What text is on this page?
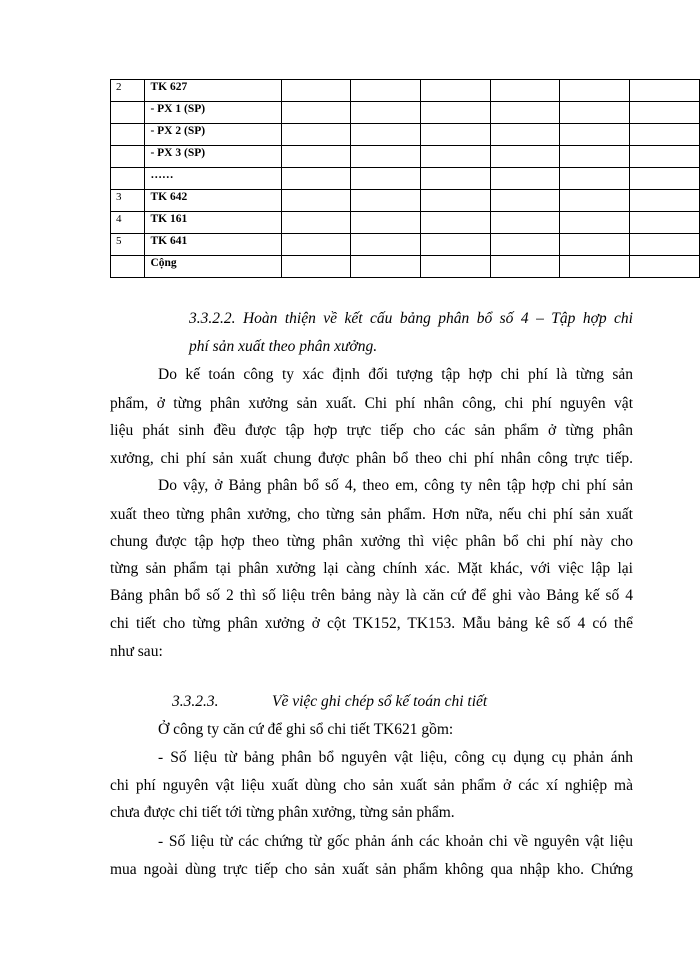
2	TK 627						
	- PX 1 (SP)						
	- PX 2 (SP)						
	- PX 3 (SP)						
	……						
3	TK 642						
4	TK 161						
5	TK 641						
	Cộng						
3.3.2.2. Hoàn thiện về kết cấu bảng phân bổ số 4 – Tập hợp chi
phí sản xuất theo phân xưởng.
Do kế toán công ty xác định đối tượng tập hợp chi phí là từng sản
phẩm, ở từng phân xưởng sản xuất. Chi phí nhân công, chi phí nguyên vật
liệu phát sinh đều được tập hợp trực tiếp cho các sản phẩm ở từng phân
xưởng, chi phí sản xuất chung được phân bổ theo chi phí nhân công trực tiếp.
Do vậy, ở Bảng phân bổ số 4, theo em, công ty nên tập hợp chi phí sản
xuất theo từng phân xưởng, cho từng sản phẩm. Hơn nữa, nếu chi phí sản xuất
chung được tập hợp theo từng phân xưởng thì việc phân bổ chi phí này cho
từng sản phẩm tại phân xưởng lại càng chính xác. Mặt khác, với việc lập lại
Bảng phân bổ số 2 thì số liệu trên bảng này là căn cứ để ghi vào Bảng kế số 4
chi tiết cho từng phân xưởng ở cột TK152, TK153. Mẫu bảng kê số 4 có thể
như sau:
3.3.2.3.	Về việc ghi chép sổ kế toán chi tiết
Ở công ty căn cứ để ghi sổ chi tiết TK621 gồm:
- Số liệu từ bảng phân bổ nguyên vật liệu, công cụ dụng cụ phản ánh
chi phí nguyên vật liệu xuất dùng cho sản xuất sản phẩm ở các xí nghiệp mà
chưa được chi tiết tới từng phân xưởng, từng sản phẩm.
- Số liệu từ các chứng từ gốc phản ánh các khoản chi về nguyên vật liệu
mua ngoài dùng trực tiếp cho sản xuất sản phẩm không qua nhập kho. Chứng
